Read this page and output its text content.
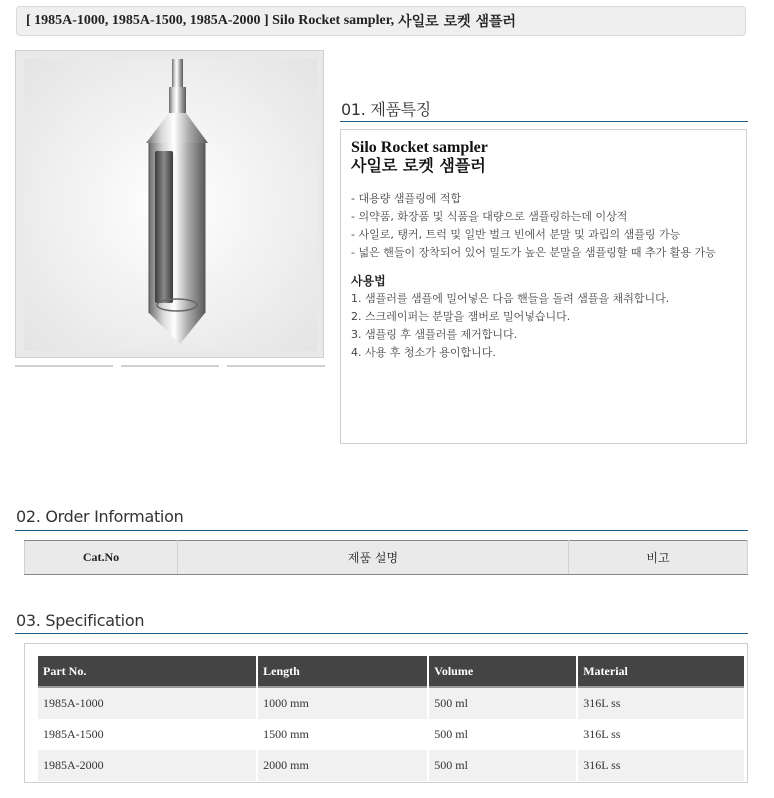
[ 1985A-1000, 1985A-1500, 1985A-2000 ] Silo Rocket sampler, 사일로 로켓 샘플러
01. 제품특징
Silo Rocket sampler
사일로 로켓 샘플러
- 대용량 샘플링에 적합
- 의약품, 화장품 및 식품을 대량으로 샘플링하는데 이상적
- 사일로, 탱커, 트럭 및 일반 벌크 빈에서 분말 및 과립의 샘플링 가능
- 넓은 핸들이 장착되어 있어 밀도가 높은 분말을 샘플링할 때 추가 활용 가능
사용법
1. 샘플러를 샘플에 밀어넣은 다음 핸들을 돌려 샘플을 채취합니다.
2. 스크레이퍼는 분말을 잼버로 밀어넣습니다.
3. 샘플링 후 샘플러를 제거합니다.
4. 사용 후 청소가 용이합니다.
02. Order Information
Cat.No	제품 설명	비고
03. Specification
Part No.	Length	Volume	Material
1985A-1000	1000 mm	500 ml	316L ss
1985A-1500	1500 mm	500 ml	316L ss
1985A-2000	2000 mm	500 ml	316L ss
